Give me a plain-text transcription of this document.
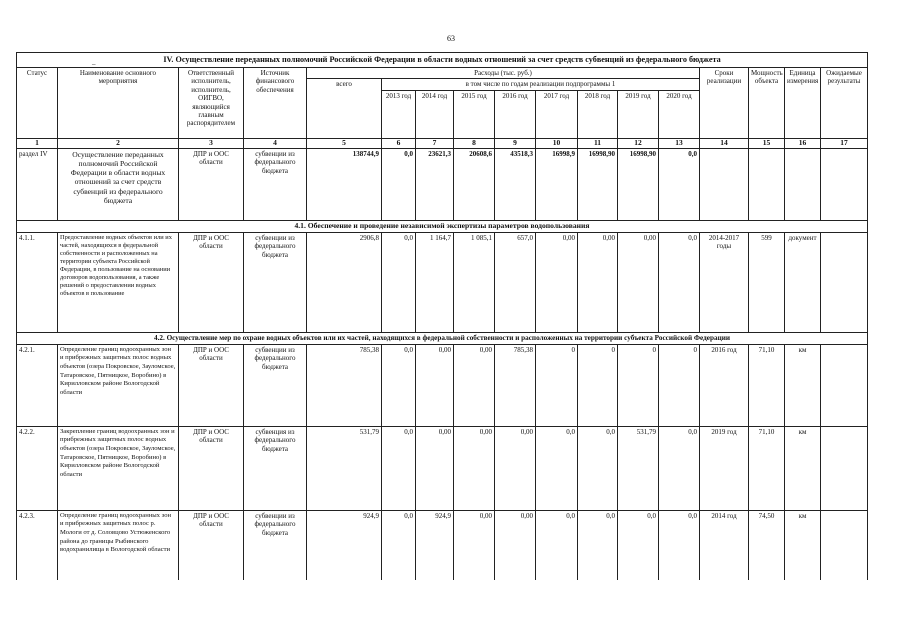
63
–
IV. Осуществление переданных полномочий Российской Федерации в области водных отношений за счет средств субвенций из федерального бюджета																
Статус	Наименование основного мероприятия	Ответственный исполнитель, исполнитель, ОИГВО, являющийся главным распорядителем	Источник финансового обеспечения	Расходы (тыс. руб.)									Сроки реализации	Мощность объекта	Единица измерения	Ожидаемые результаты
				всего	в том числе по годам реализации подпрограммы 1											
					2013 год	2014 год	2015 год	2016 год	2017 год	2018 год	2019 год	2020 год				
1	2	3	4	5	6	7	8	9	10	11	12	13	14	15	16	17
раздел IV	Осуществление переданных полномочий Российской Федерации в области водных отношений за счет средств субвенций из федерального бюджета	ДПР и ООС области	субвенции из федерального бюджета	138744,9	0,0	23621,3	20608,6	43518,3	16998,9	16998,90	16998,90	0,0				
4.1. Обеспечение и проведение независимой экспертизы параметров водопользования																
4.1.1.	Предоставление водных объектов или их частей, находящихся в федеральной собственности и расположенных на территории субъекта Российской Федерации, в пользование на основании договоров водопользования, а также решений о предоставлении водных объектов в пользование	ДПР и ООС области	субвенции из федерального бюджета	2906,8	0,0	1 164,7	1 085,1	657,0	0,00	0,00	0,00	0,0	2014-2017 годы	599	документ	
4.2. Осуществление мер по охране водных объектов или их частей, находящихся в федеральной собственности и расположенных на территории субъекта Российской Федерации																
4.2.1.	Определение границ водоохранных зон и прибрежных защитных полос водных объектов (озера Покровское, Зауломское, Татаровское, Пятницкое, Воробино) в Кирилловском районе Вологодской области	ДПР и ООС области	субвенции из федерального бюджета	785,38	0,0	0,00	0,00	785,38	0	0	0	0	2016 год	71,10	км	
4.2.2.	Закрепление границ водоохранных зон и прибрежных защитных полос водных объектов (озера Покровское, Зауломское, Татаровское, Пятницкое, Воробино) в Кирилловском районе Вологодской области	ДПР и ООС области	субвенция из федерального бюджета	531,79	0,0	0,00	0,00	0,00	0,0	0,0	531,79	0,0	2019 год	71,10	км	
4.2.3.	Определение границ водоохранных зон и прибрежных защитных полос р. Мологи от д. Соловцово Устюженского района до границы Рыбинского водохранилища в Вологодской области	ДПР и ООС области	субвенции из федерального бюджета	924,9	0,0	924,9	0,00	0,00	0,0	0,0	0,0	0,0	2014 год	74,50	км	
